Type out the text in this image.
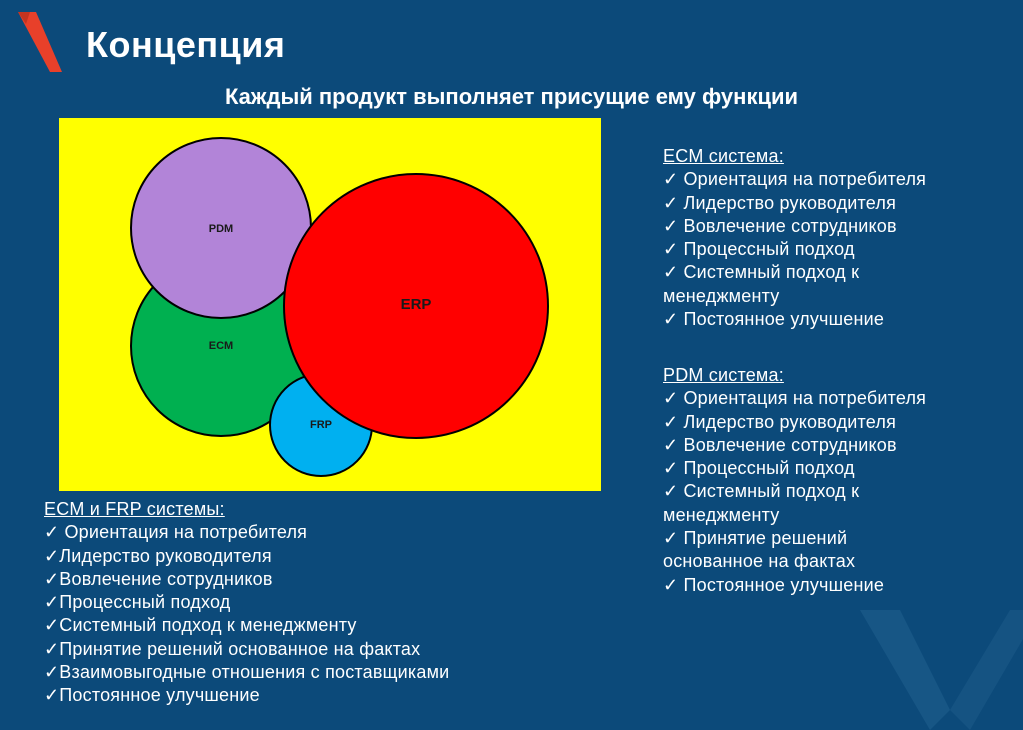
Концепция
Каждый продукт выполняет присущие ему функции
ECM
PDM
FRP
ERP
ECM система:
✓ Ориентация на потребителя
✓ Лидерство руководителя
✓ Вовлечение сотрудников
✓ Процессный подход
✓ Системный подход к
менеджменту
✓ Постоянное улучшение
PDM система:
✓ Ориентация на потребителя
✓ Лидерство руководителя
✓ Вовлечение сотрудников
✓ Процессный подход
✓ Системный подход к
менеджменту
✓ Принятие решений
основанное на фактах
✓ Постоянное улучшение
ECM и FRP системы:
✓ Ориентация на потребителя
✓Лидерство руководителя
✓Вовлечение сотрудников
✓Процессный подход
✓Системный подход к менеджменту
✓Принятие решений основанное на фактах
✓Взаимовыгодные отношения с поставщиками
✓Постоянное улучшение
